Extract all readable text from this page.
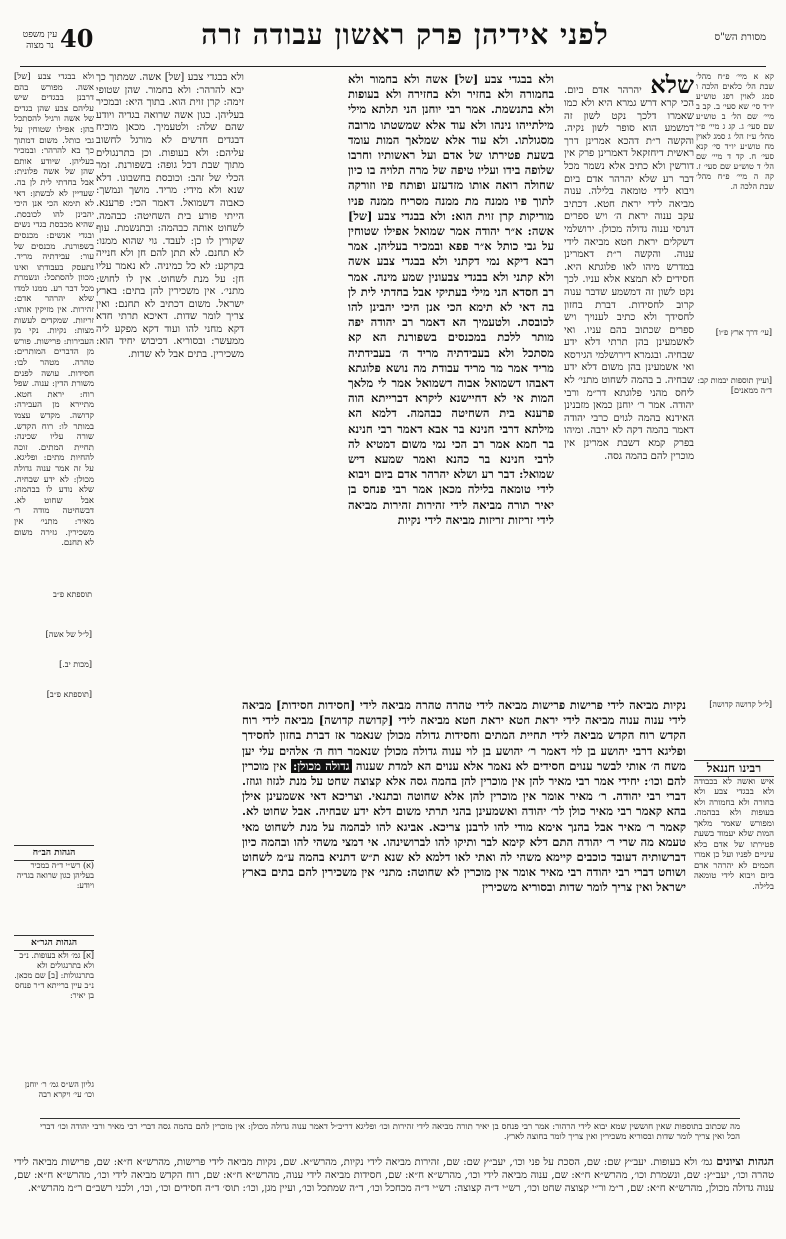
40	לפני אידיהן פרק ראשון עבודה זרה
עין משפט נר מצוה
מסורת הש"ס

קא א מיי׳ פ״ח מהל׳ שבת הל׳ כלאים הלכה ו סמג לאוין רפג טוש״ע יו״ד סי׳ שא סעי׳ ב. קב ב מיי׳ שם הל׳ ב טוש״ע שם סעי׳ ג. קג ג מיי׳ פ״י מהל׳ ע״ז הל׳ ג סמג לאוין מח טוש״ע יו״ד סי׳ קנא סעי׳ ח. קד ד מיי׳ שם הל׳ ד טוש״ע שם סעי׳ ז. קה ה מיי׳ פ״ח מהל׳ שבת הלכה ה.

שלא יהרהר אדם ביום. הכי קרא דרש גמרא היא ולא כמו שאמרו דלכך נקט לשון זה דמשמע הוא סופר לשון נקיה. והקשה ר״ת דהכא אמרינן דרך ראשית דיחזקאל דאמרינן פרק אין דורשין ולא כתיב אלא נשמר מכל דבר רע שלא יהרהר אדם ביום ויבוא לידי טומאה בלילה. ענוה מביאה לידי יראת חטא. דכתיב עקב ענוה יראת ה׳ ויש ספרים דגרסי ענוה גדולה מכולן. ירושלמי דשקלים יראת חטא מביאה לידי ענוה. והקשה ר״ת דאמרינן במדרש מיהו לאו פלוגתא היא. חסידים לא תמצא אלא עניו. לכך נקט לשון זה דמשמע שדבר ענוה קרוב לחסידות. דברת בחזון לחסידך ולא כתיב לענויך ויש ספרים שכתוב בהם עניו. ואי לאשמעינן בהן תרתי דלא ידע שבחיה. ובגמרא דירושלמי הגירסא ואי אשמעינן בהן משום דלא ידע שבחיה. ב בהמה לשחוט מתני׳ לא ליחס מהני פלוגתא דר״מ ורבי יהודה. אמר ר׳ יוחנן כמאן מזבנינן האידנא בהמה לגוים כרבי יהודה דאמר בהמה דקה לא ירבה. ומיהו בפרק קמא דשבת אמרינן אין מוכרין להם בהמה גסה.

רבינו חננאל

איש ואשה לא בכבודה ולא בבגדי צבע ולא בחורה ולא בחמורה ולא בעופות ולא בבהמה. ומפורש שאמר מלאך המות שלא יעמוד בשעת פטירתו של אדם בלא עיניים לפניו ועל כן אמרו חכמים לא יהרהר אדם ביום ויבוא לידי טומאה בלילה.

ולא בבגדי צבע [של] אשה ולא בחמור ולא בחמורה ולא בחזיר ולא בחזירה ולא בעופות ולא בתנשמת. אמר רבי יוחנן הני תלתא מילי מילתייהו נינהו ולא עוד אלא שמשטתו מרובה מסגולתו. ולא עוד אלא שמלאך המות עומד בשעת פטירתו של אדם ועל ראשותיו וחרבו שלופה בידו ועליו טיפה של מרה תלויה בו כיון שחולה רואה אותו מזדעזע ופותח פיו וזורקה לתוך פיו ממנה מת ממנה מסריח ממנה פניו מוריקות קרן זוית הוא: ולא בבגדי צבע [של] אשה: א״ר יהודה אמר שמואל אפילו שטוחין על גבי כותל א״ר פפא ובמכיר בעליהן. אמר רבא דיקא נמי דקתני ולא בבגדי צבע אשה ולא קתני ולא בבגדי צבעונין שמע מינה. אמר רב חסדא הני מילי בעתיקי אבל בחדתי לית לן בה דאי לא תימא הכי אנן היכי יהבינן להו לכובסת. ולטעמיך הא דאמר רב יהודה יפה מותר ללכת במכנסים בשפורנת הא קא מסתכל ולא בעבידתיה מריד ה׳ בעבידתיה מריד אמר מר מריד עבודת מה נושא פלוגתא דאבהו דשמואל אבוה דשמואל אמר לי מלאך המות אי לא דחיישנא ליקרא דברייתא הוה פרענא בית השחיטה כבהמה. דלמא הא מילתא דרבי חנינא בר אבא דאמר רבי חנינא בר חמא אמר רב הכי נמי משום דמטיא לה לרבי חנינא בר כהנא ואמר שמעא דיש שמואל: דבר רע ושלא יהרהר אדם ביום ויבוא לידי טומאה בלילה מכאן אמר רבי פנחס בן יאיר תורה מביאה לידי זהירות זהירות מביאה לידי זריזות זריזות מביאה לידי נקיות

ולא בבגדי צבע [של] אשה. שמתוך כך יבא להרהר: ולא בחמור. שהן שטופי זימה: קרן זוית הוא. בתוך היא: ובמכיר בעליהן. כגון אשה שרואה בגדיה ויודע שהם שלה: ולטעמיך. מכאן מוכיח דבגדים חדשים לא מורגל לחשוב עליהם: ולא בעופות. וכן בתרנגולים מתוך שבת דכל גופה: בשפורנת. זמר הכלי של זהב: וכובסת בחשבונו. דלא שנא ולא מידי: מריד. מושך ונמשך: כאבוה דשמואל. דאמר הכי: פרענא. הייתי פורע בית השחיטה: כבהמה. לשחוט אותה כבהמה: ובתנשמת. עוף שקורין לו כן: לעבד. גוי שהוא ממנו: לא תחנם. לא תתן להם חן ולא חנייה בקרקע: לא כל כמיניה. לא נאמר עליו חן: על מנת לשחוט. אין לו לחוש: מתני׳. אין משכירין להן בתים: בארץ ישראל. משום דכתיב לא תחנם: ואין צריך לומר שדות. דאיכא תרתי חדא דקא מחני להו ועוד דקא מפקע ליה ממעשר: ובסוריא. דכיבוש יחיד הוא: משכירין. בתים אבל לא שדות.

ולא בבגדי צבע [של] אשה. מפורש בהם דרבנן בבגדים שיש עליהם צבע שהן בגדים של אשה ורגיל להסתכל בהן: אפילו שטוחין על גבי כותל. משום דמתוך כך בא להרהר: ובמכיר בעליהן. שיודע אותם שהן של אשה פלונית: אבל בחדתי לית לן בה. שעדיין לא לבשתן: דאי לא תימא הכי אנן היכי יהבינן להו לכובסת. שהיא מכבסת בגדי נשים ובגדי אנשים: מכנסים בשפורנת. מכנסים של עור: עבידתיה מריד. נתעסק בעבודתו ואינו מכוון להסתכל: ונשמרת מכל דבר רע. ממנו למדו שלא יהרהר אדם: זהירות. אין מזיקין אותו: זריזות. שמקדים לעשות מצות: נקיות. נקי מן העבירות: פרישות. פורש מן הדברים המותרים: טהרה. מטהר לבו: חסידות. עושה לפנים משורת הדין: ענוה. שפל רוח: יראת חטא. מתיירא מן העבירה: קדושה. מקדש עצמו במותר לו: רוח הקדש. שורה עליו שכינה: תחיית המתים. זוכה להחיות מתים: ופליגא. על זה אמר ענוה גדולה מכולן: לא ידע שבחיה. שלא נודע לו בבהמה: אבל שחוט לא. דבשחיטה מודה ר׳ מאיר: מתני׳ אין משכירין. גזירה משום לא תחנם.

נקיות מביאה לידי פרישות פרישות מביאה לידי טהרה טהרה מביאה לידי [חסידות חסידות] מביאה לידי ענוה ענוה מביאה לידי יראת חטא יראת חטא מביאה לידי [קדושה קדושה] מביאה לידי רוח הקדש רוח הקדש מביאה לידי תחיית המתים וחסידות גדולה מכולן שנאמר אז דברת בחזון לחסידך ופליגא דרבי יהושע בן לוי דאמר ר׳ יהושע בן לוי ענוה גדולה מכולן שנאמר רוח ה׳ אלהים עלי יען משח ה׳ אותי לבשר ענוים חסידים לא נאמר אלא ענוים הא למדת שענוה גדולה מכולן: אין מוכרין להם וכו׳: יחידי אמר רבי מאיר להן אין מוכרין להן בהמה גסה אלא קצוצה שחט על מנת לגזוז וגוזז. דברי רבי יהודה. ר׳ מאיר אומר אין מוכרין להן אלא שחוטה ובתנאי. וצריכא דאי אשמעינן אילן בהא קאמר רבי מאיר כולן לר׳ יהודה ואשמעינן בהני תרתי משום דלא ידע שבחיה. אבל שחוט לא. קאמר ר׳ מאיר אבל בהנך אימא מודי להו לרבנן צריכא. אביגא להו לבהמה על מנת לשחוט מאי טעמא מה שרי ר׳ יהודה התם דלא קימא לבר ותיקו להו לברושינהו. אי דמצי משהי להו ובהמה כיון דברשותיה דעובד כוכבים קיימא משהי לה ואתי לאו דלמא לא שנא ת״ש דתניא בהמה ע״מ לשחוט ושוחט דברי רבי יהודה רבי מאיר אומר אין מוכרין לא שחוטה: מתני׳ אין משכירין להם בתים בארץ ישראל ואין צריך לומר שדות ובסוריא משכירין

[ל״ל של אשה]
[ל״ל קדושה קדושה]
[ועיין תוספות יבמות קב: ד״ה ממאנים]
[עי׳ דרך ארץ פ״ו]
תוספתא פ״ב
[מכות יב.]
[תוספתא פ״ב]
הגהות הב״ח
(א) רש״י ד״ה במכיר בעליהן כגון שרואה בגדיה ויודע:
הגהות הגר״א
[א] גמ׳ ולא בעופות. נ״ב ולא בתרנגולים ולא בתרנגולות: [ב] שם מכאן. נ״ב עיין ברייתא ד״ר פנחס בן יאיר:
גליון הש״ס גמ׳ ר׳ יוחנן וכו׳ עי׳ ויקרא רבה

מה שכתוב בתוספות שאין חוששין שמא יבוא לידי הרהור: אמר רבי פנחס בן יאיר תורה מביאה לידי זהירות וכו׳ ופליגא דריב״ל דאמר ענוה גדולה מכולן: אין מוכרין להם בהמה גסה דברי רבי מאיר ורבי יהודה וכו׳ דברי הכל ואין צריך לומר שדות ובסוריא משכירין ואין צריך לומר בחוצה לארץ.

הגהות וציונים גמ׳ ולא בעופות. יעב״ץ שם: שם, הסכת על פני וכו׳, יעב״ץ שם: שם, זהירות מביאה לידי נקיות, מהרש״א. שם, נקיות מביאה לידי פרישות, מהרש״א ח״א: שם, פרישות מביאה לידי טהרה וכו׳, יעב״ץ: שם, ונשמרת וכו׳, מהרש״א ח״א: שם, ענוה מביאה לידי וכו׳, מהרש״א ח״א: שם, חסידות מביאה לידי ענוה, מהרש״א ח״א: שם, רוח הקדש מביאה לידי וכו׳, מהרש״א ח״א: שם, ענוה גדולה מכולן, מהרש״א ח״א: שם, ר״מ ור״י קצוצה שחט וכו׳, רש״י ד״ה קצוצה: רש״י ד״ה מכחכל וכו׳, ד״ה שמתכל וכו׳, ועיין מגן, וכו׳: תוס׳ ד״ה חסידים וכו׳, וכו׳, ולכני רשב״ם ר״מ מהרש״א.
